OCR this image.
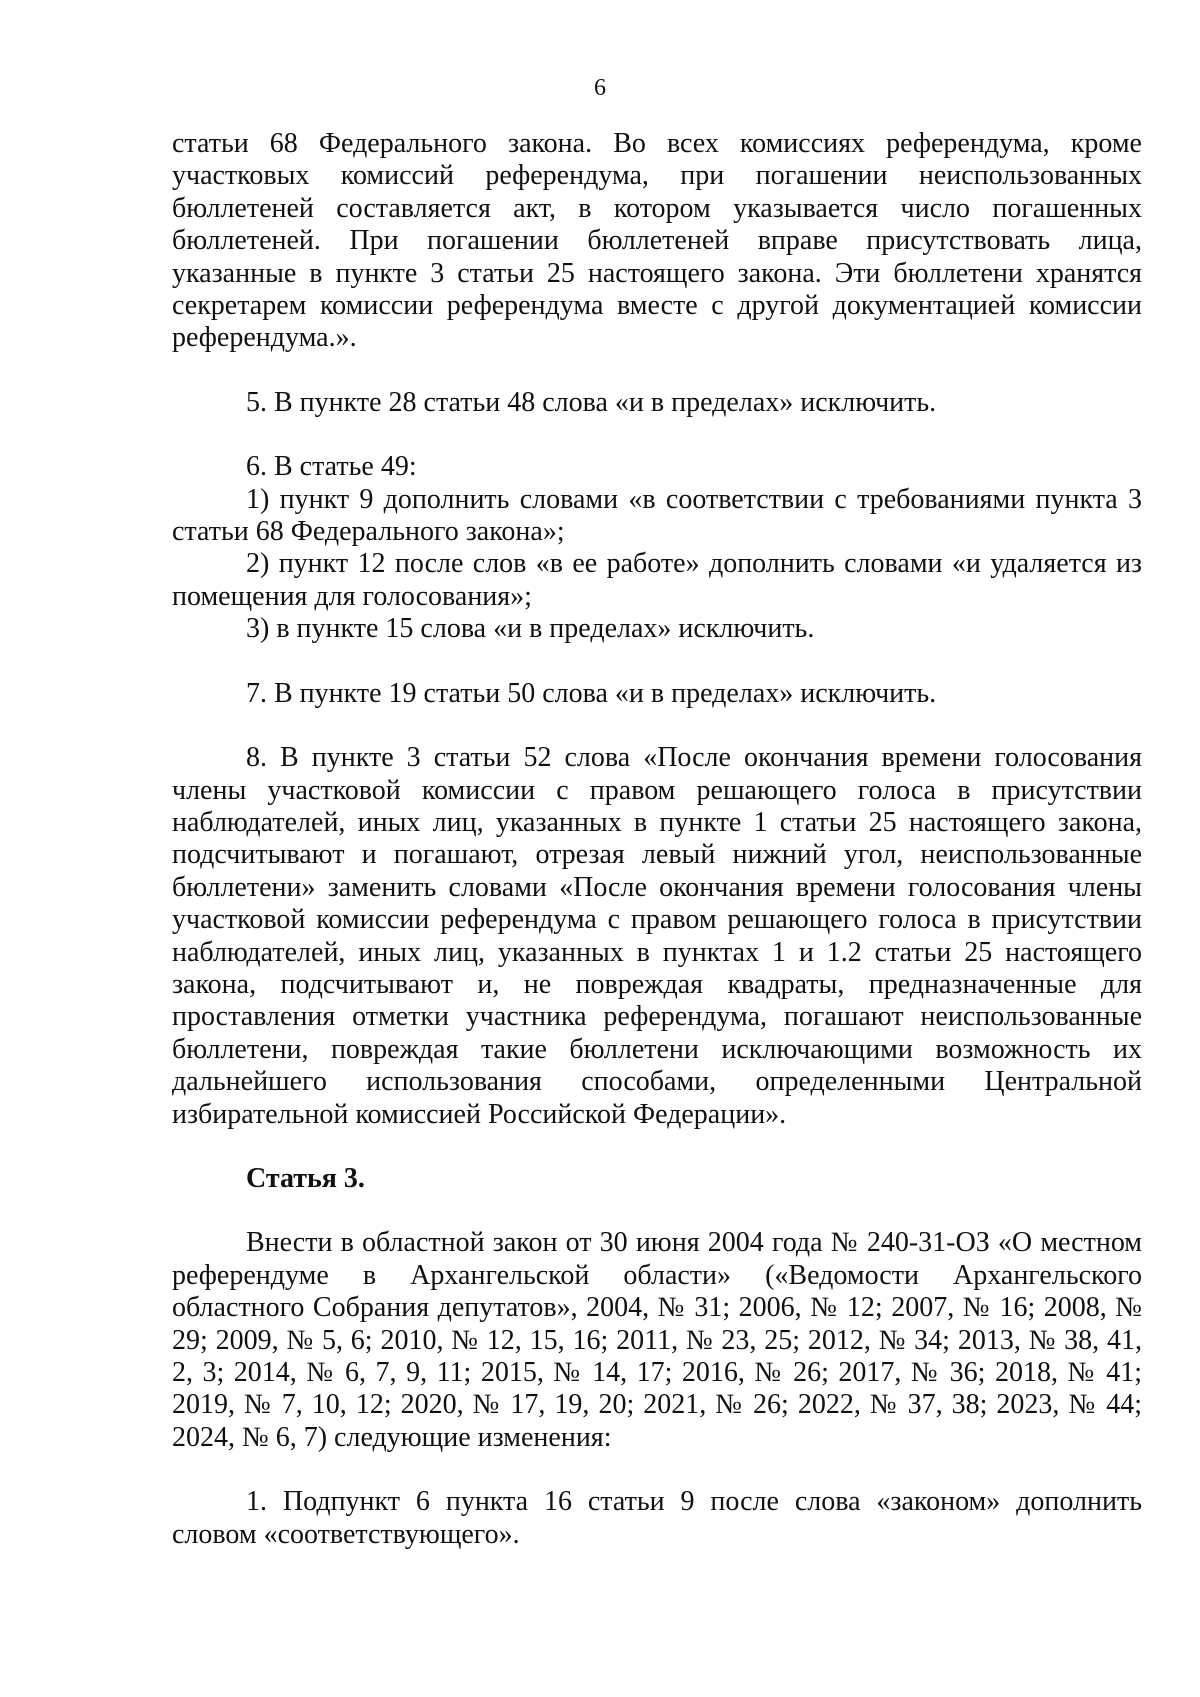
6

статьи 68 Федерального закона. Во всех комиссиях референдума, кроме участковых комиссий референдума, при погашении неиспользованных бюллетеней составляется акт, в котором указывается число погашенных бюллетеней. При погашении бюллетеней вправе присутствовать лица, указанные в пункте 3 статьи 25 настоящего закона. Эти бюллетени хранятся секретарем комиссии референдума вместе с другой документацией комиссии референдума.».

5. В пункте 28 статьи 48 слова «и в пределах» исключить.

6. В статье 49:

1) пункт 9 дополнить словами «в соответствии с требованиями пункта 3 статьи 68 Федерального закона»;

2) пункт 12 после слов «в ее работе» дополнить словами «и удаляется из помещения для голосования»;

3) в пункте 15 слова «и в пределах» исключить.

7. В пункте 19 статьи 50 слова «и в пределах» исключить.

8. В пункте 3 статьи 52 слова «После окончания времени голосования члены участковой комиссии с правом решающего голоса в присутствии наблюдателей, иных лиц, указанных в пункте 1 статьи 25 настоящего закона, подсчитывают и погашают, отрезая левый нижний угол, неиспользованные бюллетени» заменить словами «После окончания времени голосования члены участковой комиссии референдума с правом решающего голоса в присутствии наблюдателей, иных лиц, указанных в пунктах 1 и 1.2 статьи 25 настоящего закона, подсчитывают и, не повреждая квадраты, предназначенные для проставления отметки участника референдума, погашают неиспользованные бюллетени, повреждая такие бюллетени исключающими возможность их дальнейшего использования способами, определенными Центральной избирательной комиссией Российской Федерации».

Статья 3.

Внести в областной закон от 30 июня 2004 года № 240-31-ОЗ «О местном референдуме в Архангельской области» («Ведомости Архангельского областного Собрания депутатов», 2004, № 31; 2006, № 12; 2007, № 16; 2008, № 29; 2009, № 5, 6; 2010, № 12, 15, 16; 2011, № 23, 25; 2012, № 34; 2013, № 38, 41, 2, 3; 2014, № 6, 7, 9, 11; 2015, № 14, 17; 2016, № 26; 2017, № 36; 2018, № 41; 2019, № 7, 10, 12; 2020, № 17, 19, 20; 2021, № 26; 2022, № 37, 38; 2023, № 44; 2024, № 6, 7) следующие изменения:

1. Подпункт 6 пункта 16 статьи 9 после слова «законом» дополнить словом «соответствующего».
